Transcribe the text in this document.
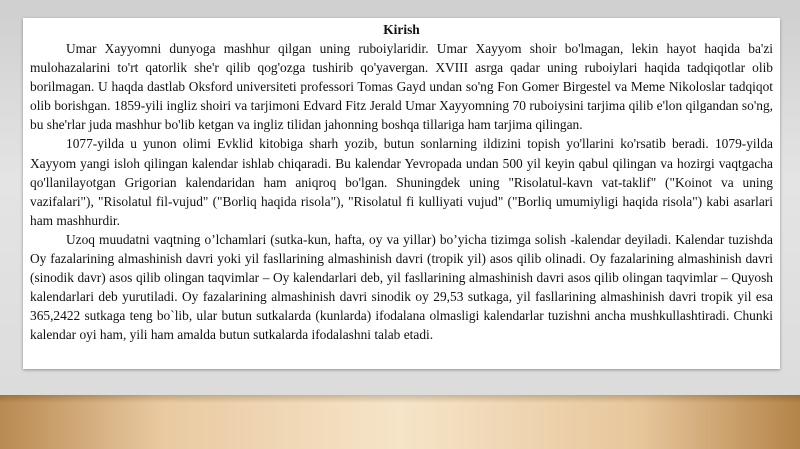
Kirish

Umar Xayyomni dunyoga mashhur qilgan uning ruboiylaridir. Umar Xayyom shoir bo'lmagan, lekin hayot haqida ba'zi mulohazalarini to'rt qatorlik she'r qilib qog'ozga tushirib qo'yavergan. XVIII asrga qadar uning ruboiylari haqida tadqiqotlar olib borilmagan. U haqda dastlab Oksford universiteti professori Tomas Gayd undan so'ng Fon Gomer Birgestel va Meme Nikoloslar tadqiqot olib borishgan. 1859-yili ingliz shoiri va tarjimoni Edvard Fitz Jerald Umar Xayyomning 70 ruboiysini tarjima qilib e'lon qilgandan so'ng, bu she'rlar juda mashhur bo'lib ketgan va ingliz tilidan jahonning boshqa tillariga ham tarjima qilingan.

1077-yilda u yunon olimi Evklid kitobiga sharh yozib, butun sonlarning ildizini topish yo'llarini ko'rsatib beradi. 1079-yilda Xayyom yangi isloh qilingan kalendar ishlab chiqaradi. Bu kalendar Yevropada undan 500 yil keyin qabul qilingan va hozirgi vaqtgacha qo'llanilayotgan Grigorian kalendaridan ham aniqroq bo'lgan. Shuningdek uning "Risolatul-kavn vat-taklif" ("Koinot va uning vazifalari"), "Risolatul fil-vujud" ("Borliq haqida risola"), "Risolatul fi kulliyati vujud" ("Borliq umumiyligi haqida risola") kabi asarlari ham mashhurdir.

Uzoq muudatni vaqtning o’lchamlari (sutka-kun, hafta, oy va yillar) bo’yicha tizimga solish -kalendar deyiladi. Kalendar tuzishda Oy fazalarining almashinish davri yoki yil fasllarining almashinish davri (tropik yil) asos qilib olinadi. Oy fazalarining almashinish davri (sinodik davr) asos qilib olingan taqvimlar – Oy kalendarlari deb, yil fasllarining almashinish davri asos qilib olingan taqvimlar – Quyosh kalendarlari deb yurutiladi. Oy fazalarining almashinish davri sinodik oy 29,53 sutkaga, yil fasllarining almashinish davri tropik yil esa 365,2422 sutkaga teng bo`lib, ular butun sutkalarda (kunlarda) ifodalana olmasligi kalendarlar tuzishni ancha mushkullashtiradi. Chunki kalendar oyi ham, yili ham amalda butun sutkalarda ifodalashni talab etadi.
